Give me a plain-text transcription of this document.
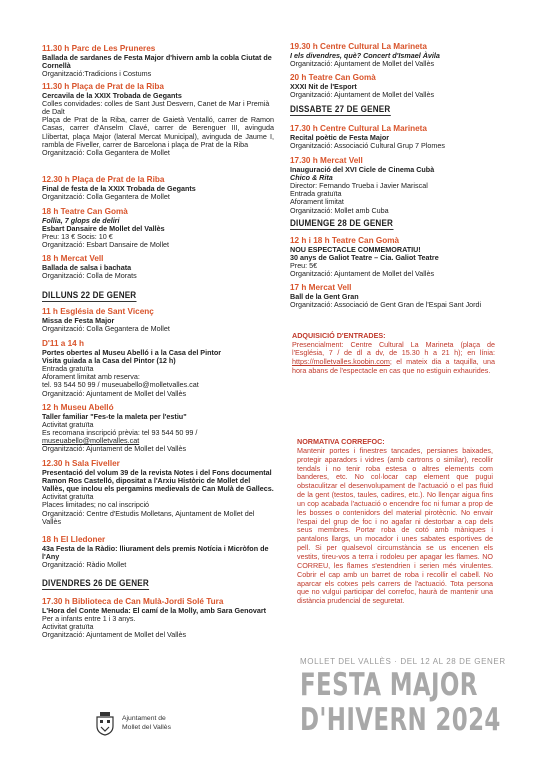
11.30 h Parc de Les Pruneres
Ballada de sardanes de Festa Major d'hivern amb la cobla Ciutat de Cornellà
Organització:Tradicions i Costums
11.30 h Plaça de Prat de la Riba
Cercavila de la XXIX Trobada de Gegants
Colles convidades: colles de Sant Just Desvern, Canet de Mar i Premià de Dalt
Plaça de Prat de la Riba, carrer de Gaietà Ventalló, carrer de Ramon Casas, carrer d'Anselm Clavé, carrer de Berenguer III, avinguda Llibertat, plaça Major (lateral Mercat Municipal), avinguda de Jaume I, rambla de Fiveller, carrer de Barcelona i plaça de Prat de la Riba
Organització: Colla Gegantera de Mollet
12.30 h Plaça de Prat de la Riba
Final de festa de la XXIX Trobada de Gegants
Organització: Colla Gegantera de Mollet
18 h Teatre Can Gomà
Follia, 7 glops de deliri
Esbart Dansaire de Mollet del Vallès
Preu: 13 € Socis: 10 €
Organització: Esbart Dansaire de Mollet
18 h Mercat Vell
Ballada de salsa i bachata
Organització: Colla de Morats
11 h Església de Sant Vicenç
Missa de Festa Major
Organització: Colla Gegantera de Mollet
D'11 a 14 h
Portes obertes al Museu Abelló i a la Casa del Pintor
Visita guiada a la Casa del Pintor (12 h)
Entrada gratuïta
Aforament limitat amb reserva:
tel. 93 544 50 99 / museuabello@molletvalles.cat
Organització: Ajuntament de Mollet del Vallès
12 h Museu Abelló
Taller familiar "Fes-te la maleta per l'estiu"
Activitat gratuïta
Es recomana inscripció prèvia: tel 93 544 50 99 /
museuabello@molletvalles.cat
Organització: Ajuntament de Mollet del Vallès
12.30 h Sala Fiveller
Presentació del volum 39 de la revista Notes i del Fons documental Ramon Ros Castelló, dipositat a l'Arxiu Històric de Mollet del Vallès, que inclou els pergamins medievals de Can Mulà de Gallecs.
Activitat gratuïta
Places limitades; no cal inscripció
Organització: Centre d'Estudis Molletans, Ajuntament de Mollet del Vallès
18 h El Lledoner
43a Festa de la Ràdio: lliurament dels premis Notícia i Micròfon de l'Any
Organització: Ràdio Mollet
17.30 h Biblioteca de Can Mulà-Jordi Solé Tura
L'Hora del Conte Menuda: El camí de la Molly, amb Sara Genovart
Per a infants entre 1 i 3 anys.
Activitat gratuïta
Organització: Ajuntament de Mollet del Vallès
DILLUNS 22 DE GENER
DIVENDRES 26 DE GENER
19.30 h Centre Cultural La Marineta
I els divendres, què? Concert d'Ismael Àvila
Organització: Ajuntament de Mollet del Vallès
20 h Teatre Can Gomà
XXXI Nit de l'Esport
Organització: Ajuntament de Mollet del Vallès
17.30 h Centre Cultural La Marineta
Recital poètic de Festa Major
Organització: Associació Cultural Grup 7 Plomes
17.30 h Mercat Vell
Inauguració del XVI Cicle de Cinema Cubà
Chico & Rita
Director: Fernando Trueba i Javier Mariscal
Entrada gratuïta
Aforament limitat
Organització: Mollet amb Cuba
12 h i 18 h Teatre Can Gomà
NOU ESPECTACLE COMMEMORATIU!
30 anys de Galiot Teatre – Cia. Galiot Teatre
Preu: 5€
Organització: Ajuntament de Mollet del Vallès
17 h Mercat Vell
Ball de la Gent Gran
Organització: Associació de Gent Gran de l'Espai Sant Jordi
DISSABTE 27 DE GENER
DIUMENGE 28 DE GENER
ADQUISICIÓ D'ENTRADES:
Presencialment: Centre Cultural La Marineta (plaça de l'Església, 7 / de dl a dv, de 15.30 h a 21 h); en línia: https://molletvalles.koobin.com; el mateix dia a taquilla, una hora abans de l'espectacle en cas que no estiguin exhaurides.
NORMATIVA CORREFOC:
Mantenir portes i finestres tancades, persianes baixades, protegir aparadors i vidres (amb cartrons o similar), recollir tendals i no tenir roba estesa o altres elements com banderes, etc. No col·locar cap element que pugui obstaculitzar el desenvolupament de l'actuació o el pas fluid de la gent (testos, taules, cadires, etc.). No llençar aigua fins un cop acabada l'actuació o encendre foc ni fumar a prop de les bosses o contenidors del material pirotècnic. No envair l'espai del grup de foc i no agafar ni destorbar a cap dels seus membres. Portar roba de cotó amb màniques i pantalons llargs, un mocador i unes sabates esportives de pell. Si per qualsevol circumstància se us encenen els vestits, tireu-vos a terra i rodoleu per apagar les flames. NO CORREU, les flames s'estendrien i serien més virulentes. Cobrir el cap amb un barret de roba i recollir el cabell. No aparcar els cotxes pels carrers de l'actuació. Tota persona que no vulgui participar del correfoc, haurà de mantenir una distància prudencial de seguretat.
MOLLET DEL VALLÈS · DEL 12 AL 28 DE GENER
FESTA MAJOR
D'HIVERN 2024
Ajuntament de
Mollet del Vallès
